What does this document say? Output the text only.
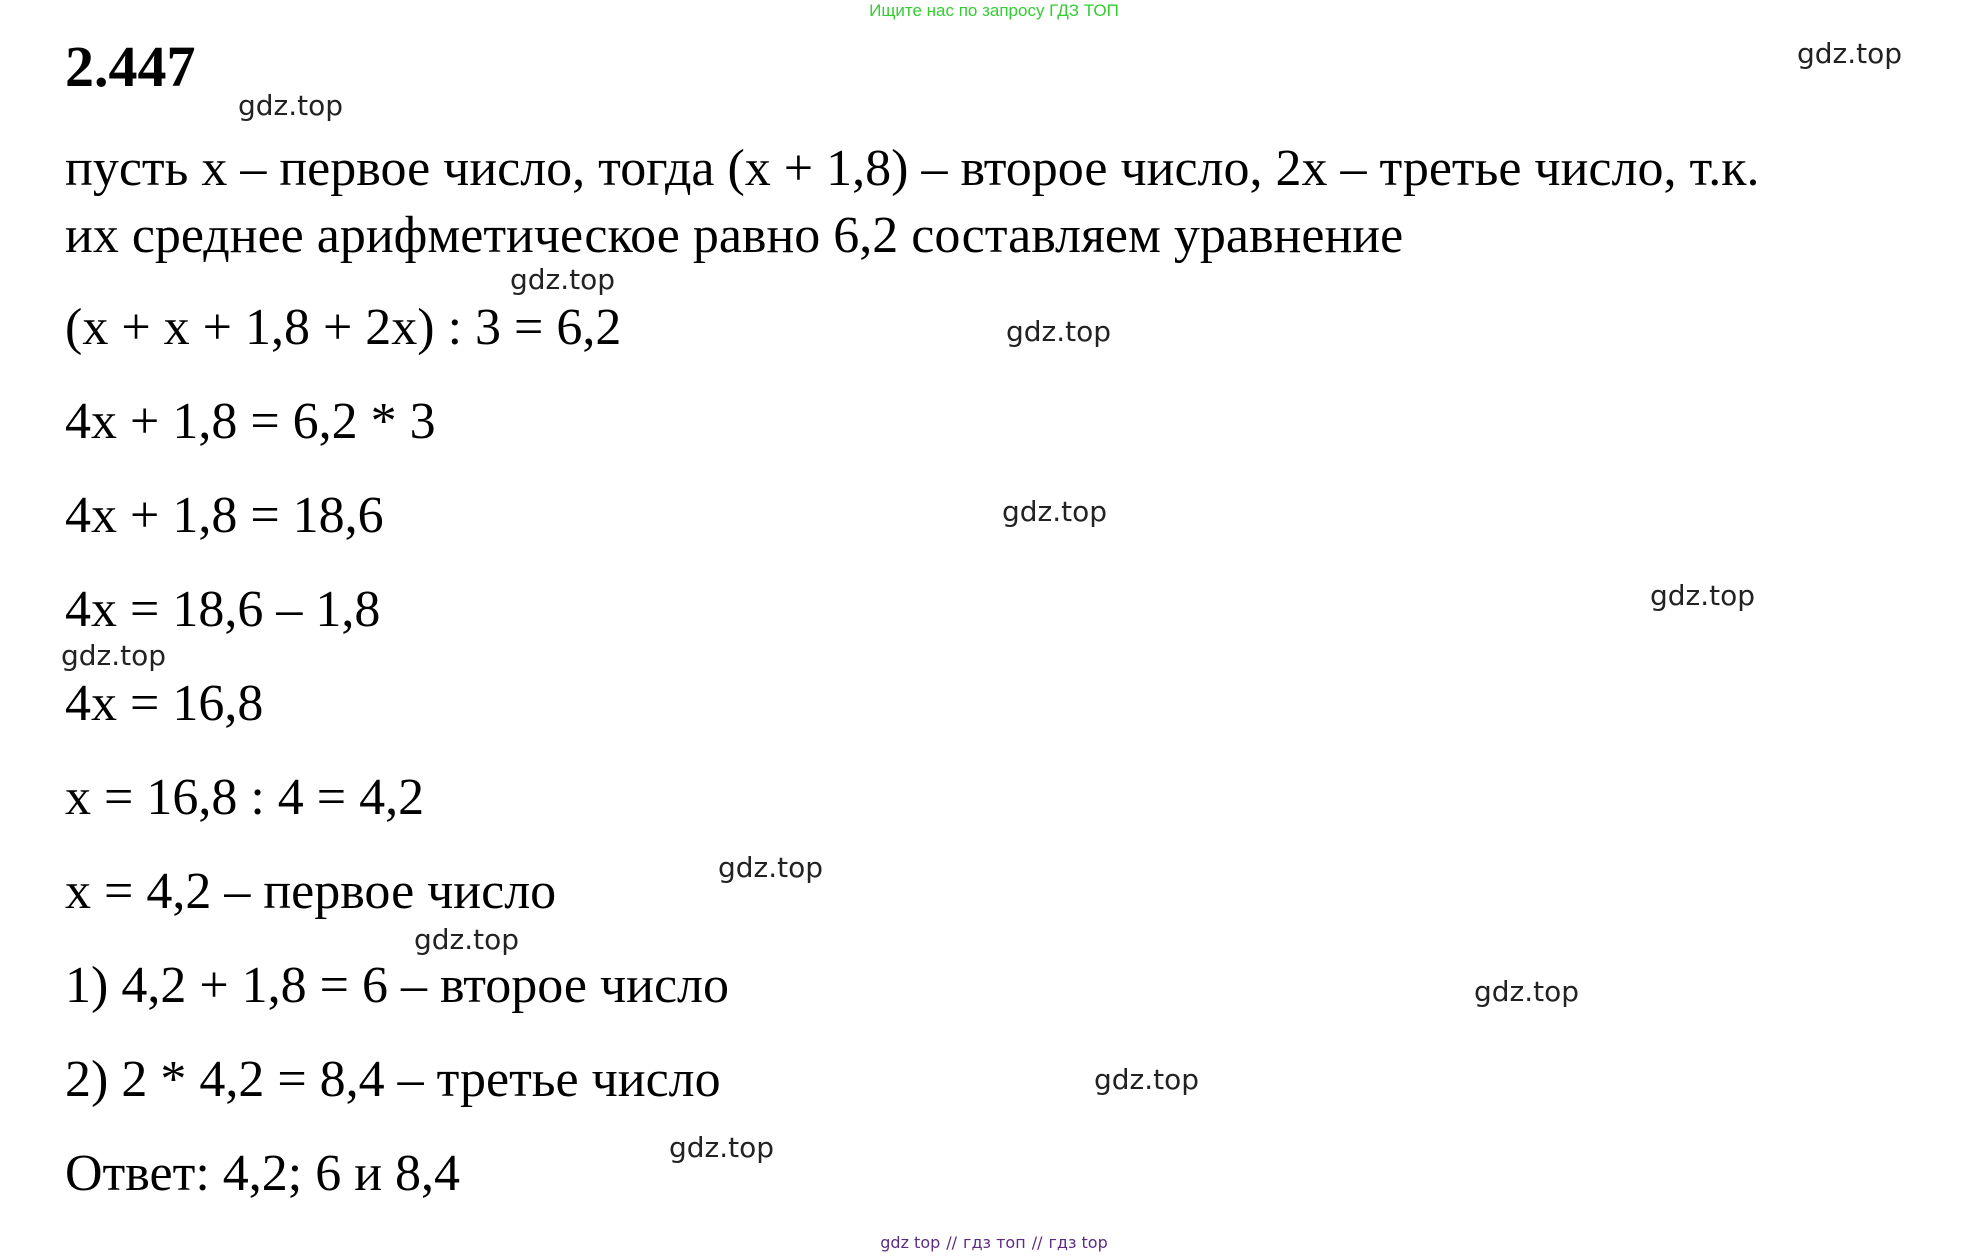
Ищите нас по запросу ГДЗ ТОП
2.447
пусть х – первое число, тогда (х + 1,8) – второе число, 2х – третье число, т.к.
их среднее арифметическое равно 6,2 составляем уравнение
(х + х + 1,8 + 2х) : 3 = 6,2
4х + 1,8 = 6,2 * 3
4х + 1,8 = 18,6
4х = 18,6 – 1,8
4х = 16,8
х = 16,8 : 4 = 4,2
х = 4,2 – первое число
1) 4,2 + 1,8 = 6 – второе число
2) 2 * 4,2 = 8,4 – третье число
Ответ: 4,2; 6 и 8,4
gdz.top
gdz.top
gdz.top
gdz.top
gdz.top
gdz.top
gdz.top
gdz.top
gdz.top
gdz.top
gdz.top
gdz.top
gdz top // гдз топ // гдз top
